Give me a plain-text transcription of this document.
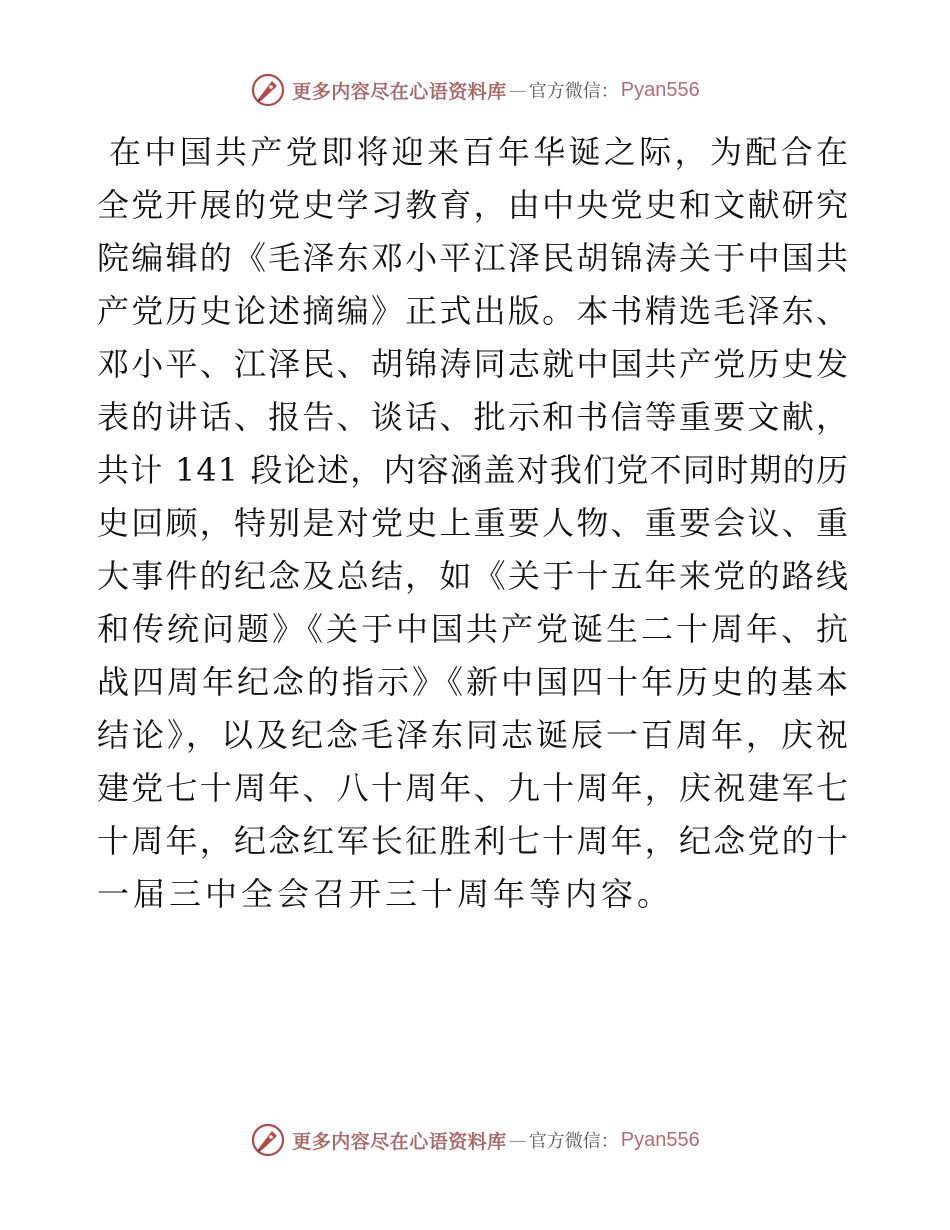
更多内容尽在心语资料库 — 官方微信： Pyan556
在中国共产党即将迎来百年华诞之际，为配合在
全党开展的党史学习教育，由中央党史和文献研究
院编辑的《毛泽东邓小平江泽民胡锦涛关于中国共
产党历史论述摘编》正式出版。本书精选毛泽东、
邓小平、江泽民、胡锦涛同志就中国共产党历史发
表的讲话、报告、谈话、批示和书信等重要文献，
共计 141 段论述，内容涵盖对我们党不同时期的历
史回顾，特别是对党史上重要人物、重要会议、重
大事件的纪念及总结，如《关于十五年来党的路线
和传统问题》《关于中国共产党诞生二十周年、抗
战四周年纪念的指示》《新中国四十年历史的基本
结论》，以及纪念毛泽东同志诞辰一百周年，庆祝
建党七十周年、八十周年、九十周年，庆祝建军七
十周年，纪念红军长征胜利七十周年，纪念党的十
一届三中全会召开三十周年等内容。
更多内容尽在心语资料库 — 官方微信： Pyan556
